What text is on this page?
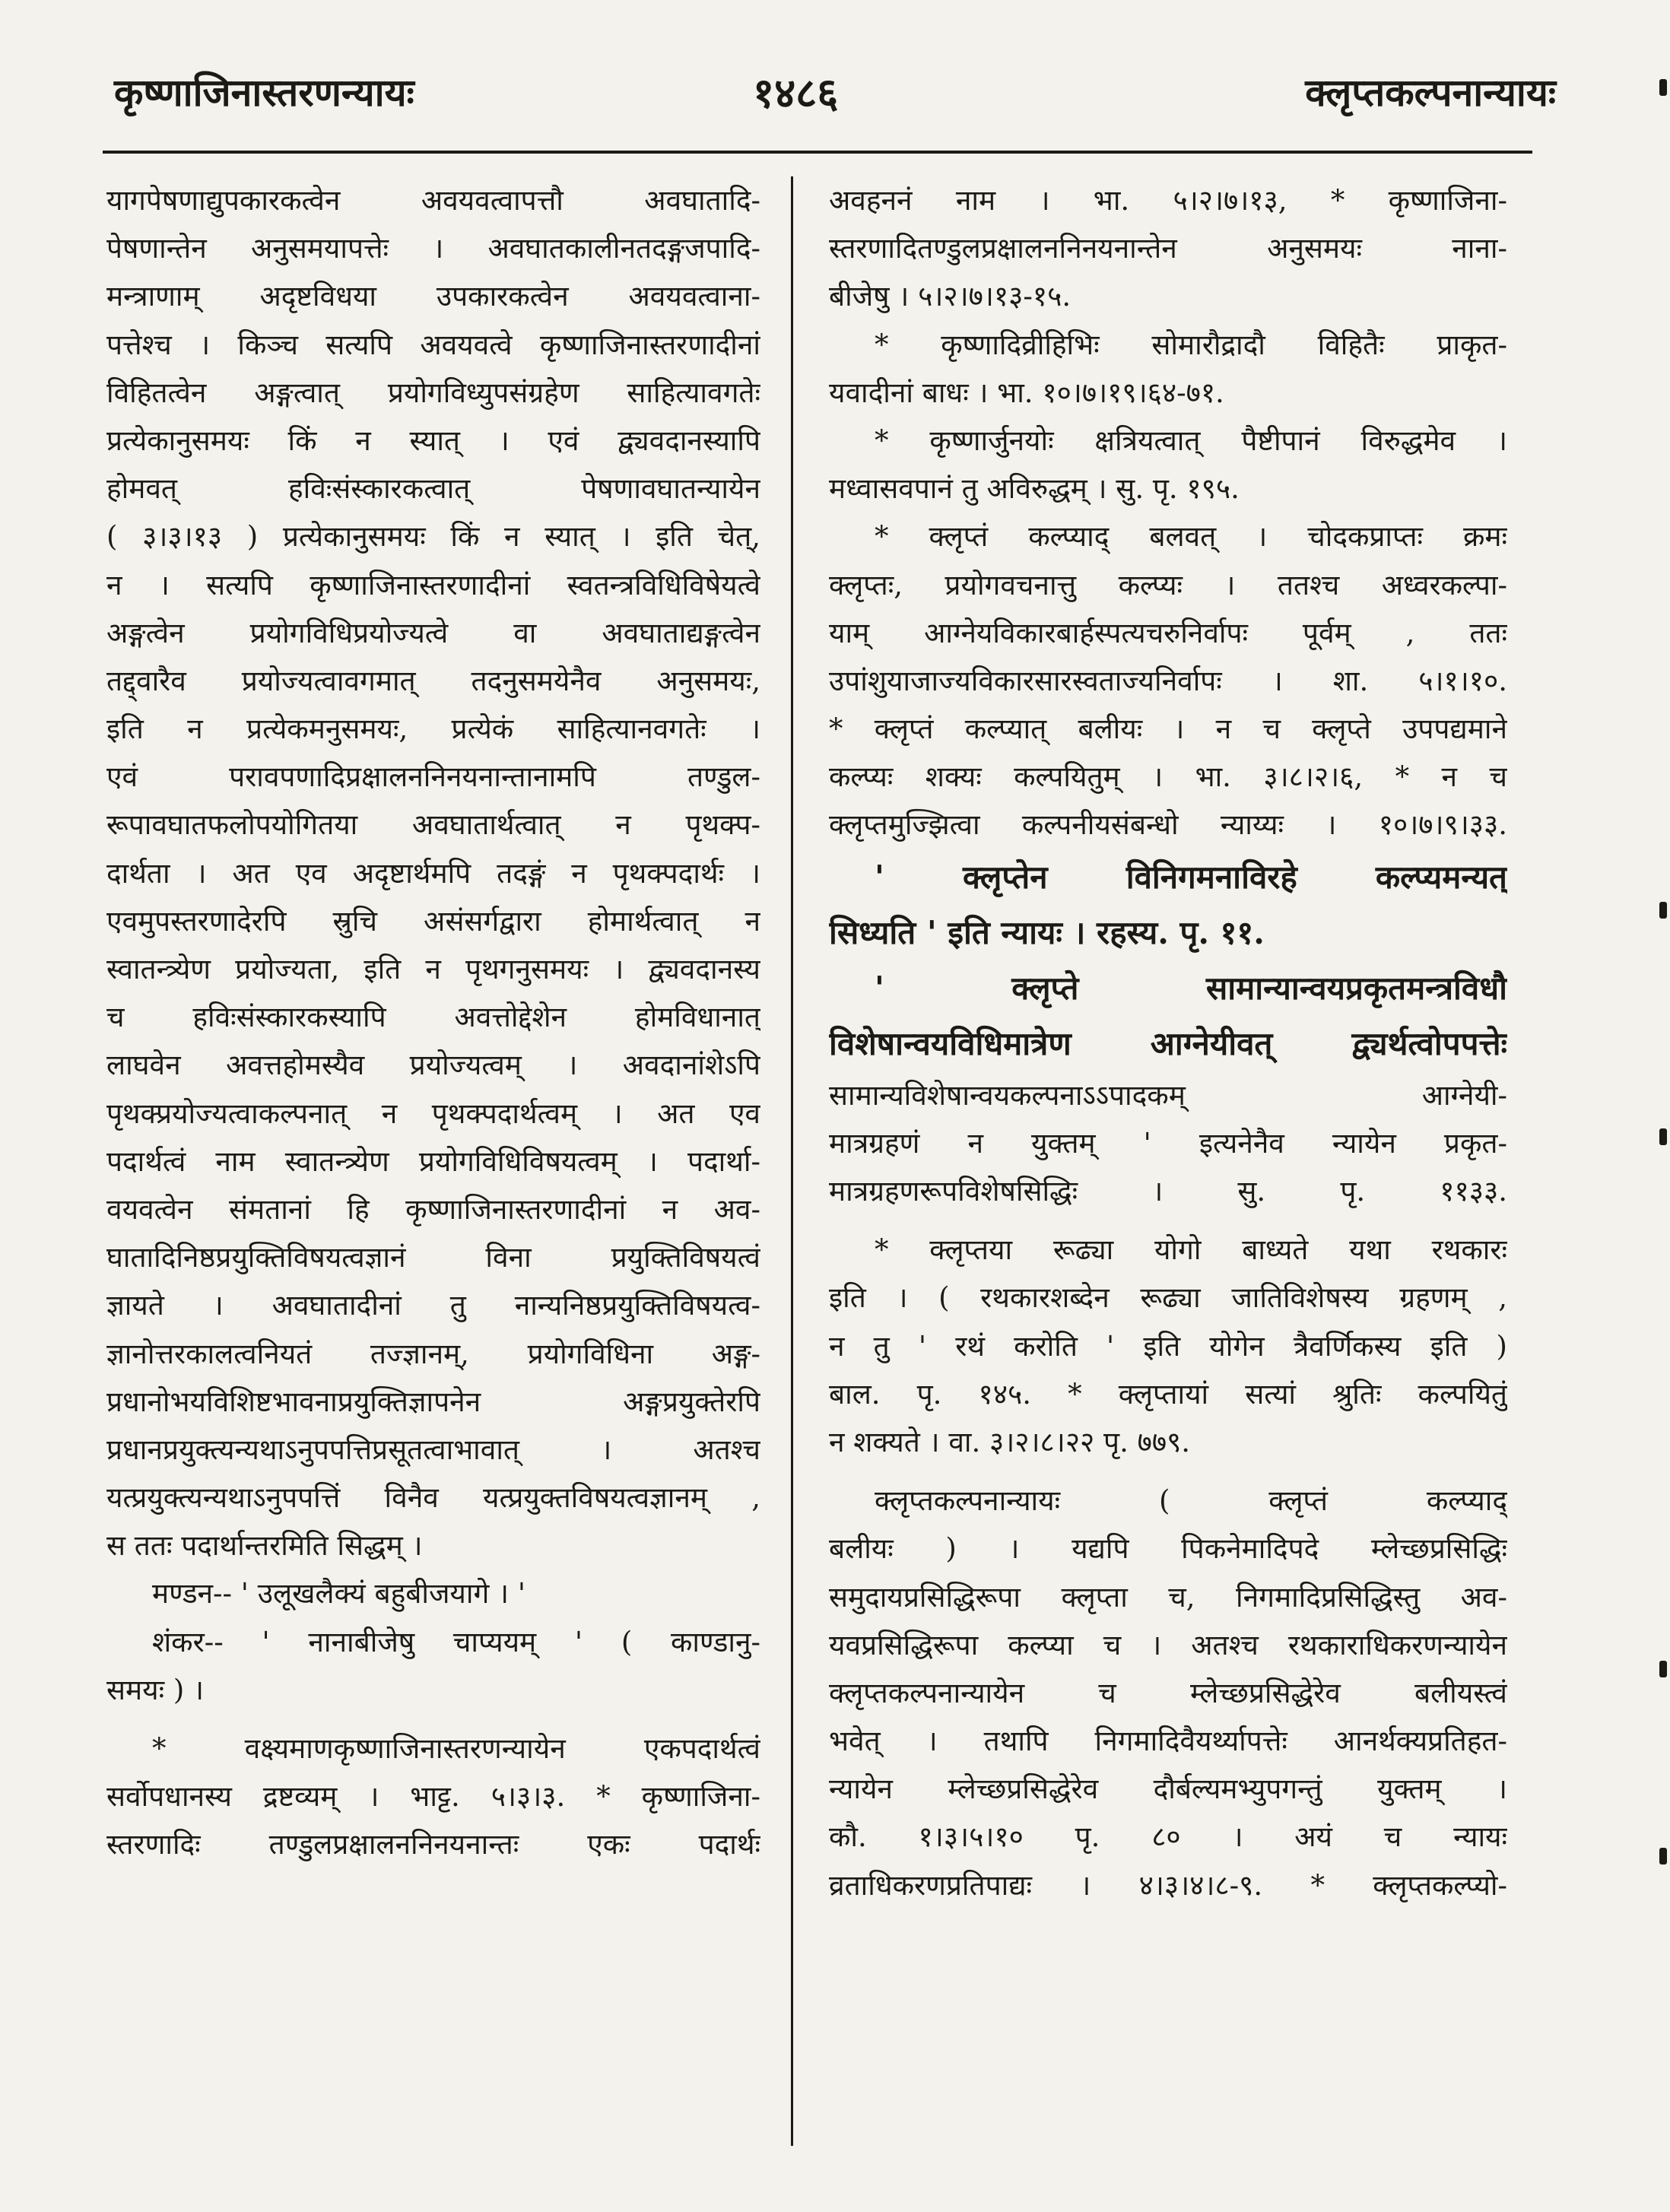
कृष्णाजिनास्तरणन्यायः	१४८६	क्लृप्तकल्पनान्यायः
यागपेषणाद्युपकारकत्वेन अवयवत्वापत्तौ अवघातादि-
पेषणान्तेन अनुसमयापत्तेः । अवघातकालीनतदङ्गजपादि-
मन्त्राणाम् अदृष्टविधया उपकारकत्वेन अवयवत्वाना-
पत्तेश्च । किञ्च सत्यपि अवयवत्वे कृष्णाजिनास्तरणादीनां
विहितत्वेन अङ्गत्वात् प्रयोगविध्युपसंग्रहेण साहित्यावगतेः
प्रत्येकानुसमयः किं न स्यात् । एवं द्व्यवदानस्यापि
होमवत् हविःसंस्कारकत्वात् पेषणावघातन्यायेन
( ३।३।१३ ) प्रत्येकानुसमयः किं न स्यात् । इति चेत्,
न । सत्यपि कृष्णाजिनास्तरणादीनां स्वतन्त्रविधिविषेयत्वे
अङ्गत्वेन प्रयोगविधिप्रयोज्यत्वे वा अवघाताद्यङ्गत्वेन
तद्द्वारैव प्रयोज्यत्वावगमात् तदनुसमयेनैव अनुसमयः,
इति न प्रत्येकमनुसमयः, प्रत्येकं साहित्यानवगतेः ।
एवं परावपणादिप्रक्षालननिनयनान्तानामपि तण्डुल-
रूपावघातफलोपयोगितया अवघातार्थत्वात् न पृथक्प-
दार्थता । अत एव अदृष्टार्थमपि तदङ्गं न पृथक्पदार्थः ।
एवमुपस्तरणादेरपि स्रुचि असंसर्गद्वारा होमार्थत्वात् न
स्वातन्त्र्येण प्रयोज्यता, इति न पृथगनुसमयः । द्व्यवदानस्य
च हविःसंस्कारकस्यापि अवत्तोद्देशेन होमविधानात्
लाघवेन अवत्तहोमस्यैव प्रयोज्यत्वम् । अवदानांशेऽपि
पृथक्प्रयोज्यत्वाकल्पनात् न पृथक्पदार्थत्वम् । अत एव
पदार्थत्वं नाम स्वातन्त्र्येण प्रयोगविधिविषयत्वम् । पदार्था-
वयवत्वेन संमतानां हि कृष्णाजिनास्तरणादीनां न अव-
घातादिनिष्ठप्रयुक्तिविषयत्वज्ञानं विना प्रयुक्तिविषयत्वं
ज्ञायते । अवघातादीनां तु नान्यनिष्ठप्रयुक्तिविषयत्व-
ज्ञानोत्तरकालत्वनियतं तज्ज्ञानम्, प्रयोगविधिना अङ्ग-
प्रधानोभयविशिष्टभावनाप्रयुक्तिज्ञापनेन अङ्गप्रयुक्तेरपि
प्रधानप्रयुक्त्यन्यथाऽनुपपत्तिप्रसूतत्वाभावात् । अतश्च
यत्प्रयुक्त्यन्यथाऽनुपपत्तिं विनैव यत्प्रयुक्तविषयत्वज्ञानम् ,
स ततः पदार्थान्तरमिति सिद्धम् ।
मण्डन-- ' उलूखलैक्यं बहुबीजयागे । '
शंकर-- ' नानाबीजेषु चाप्ययम् ' ( काण्डानु-
समयः ) ।
* वक्ष्यमाणकृष्णाजिनास्तरणन्यायेन एकपदार्थत्वं
सर्वोपधानस्य द्रष्टव्यम् । भाट्ट. ५।३।३. * कृष्णाजिना-
स्तरणादिः तण्डुलप्रक्षालननिनयनान्तः एकः पदार्थः
अवहननं नाम । भा. ५।२।७।१३, * कृष्णाजिना-
स्तरणादितण्डुलप्रक्षालननिनयनान्तेन अनुसमयः नाना-
बीजेषु । ५।२।७।१३-१५.
* कृष्णादिव्रीहिभिः सोमारौद्रादौ विहितैः प्राकृत-
यवादीनां बाधः । भा. १०।७।१९।६४-७१.
* कृष्णार्जुनयोः क्षत्रियत्वात् पैष्टीपानं विरुद्धमेव ।
मध्वासवपानं तु अविरुद्धम् । सु. पृ. १९५.
* क्लृप्तं कल्प्याद् बलवत् । चोदकप्राप्तः क्रमः
क्लृप्तः, प्रयोगवचनात्तु कल्प्यः । ततश्च अध्वरकल्पा-
याम् आग्नेयविकारबार्हस्पत्यचरुनिर्वापः पूर्वम् , ततः
उपांशुयाजाज्यविकारसारस्वताज्यनिर्वापः । शा. ५।१।१०.
* क्लृप्तं कल्प्यात् बलीयः । न च क्लृप्ते उपपद्यमाने
कल्प्यः शक्यः कल्पयितुम् । भा. ३।८।२।६, * न च
क्लृप्तमुज्झित्वा कल्पनीयसंबन्धो न्याय्यः । १०।७।९।३३.
' क्लृप्तेन विनिगमनाविरहे कल्प्यमन्यत्
सिध्यति ' इति न्यायः । रहस्य. पृ. ११.
' क्लृप्ते सामान्यान्वयप्रकृतमन्त्रविधौ
विशेषान्वयविधिमात्रेण आग्नेयीवत् द्व्यर्थत्वोपपत्तेः
सामान्यविशेषान्वयकल्पनाऽऽपादकम् आग्नेयी-
मात्रग्रहणं न युक्तम् ' इत्यनेनैव न्यायेन प्रकृत-
मात्रग्रहणरूपविशेषसिद्धिः । सु. पृ. ११३३.
* क्लृप्तया रूढ्या योगो बाध्यते यथा रथकारः
इति । ( रथकारशब्देन रूढ्या जातिविशेषस्य ग्रहणम् ,
न तु ' रथं करोति ' इति योगेन त्रैवर्णिकस्य इति )
बाल. पृ. १४५. * क्लृप्तायां सत्यां श्रुतिः कल्पयितुं
न शक्यते । वा. ३।२।८।२२ पृ. ७७९.
क्लृप्तकल्पनान्यायः ( क्लृप्तं कल्प्याद्
बलीयः ) । यद्यपि पिकनेमादिपदे म्लेच्छप्रसिद्धिः
समुदायप्रसिद्धिरूपा क्लृप्ता च, निगमादिप्रसिद्धिस्तु अव-
यवप्रसिद्धिरूपा कल्प्या च । अतश्च रथकाराधिकरणन्यायेन
क्लृप्तकल्पनान्यायेन च म्लेच्छप्रसिद्धेरेव बलीयस्त्वं
भवेत् । तथापि निगमादिवैयर्थ्यापत्तेः आनर्थक्यप्रतिहत-
न्यायेन म्लेच्छप्रसिद्धेरेव दौर्बल्यमभ्युपगन्तुं युक्तम् ।
कौ. १।३।५।१० पृ. ८० । अयं च न्यायः
व्रताधिकरणप्रतिपाद्यः । ४।३।४।८-९. * क्लृप्तकल्प्यो-
